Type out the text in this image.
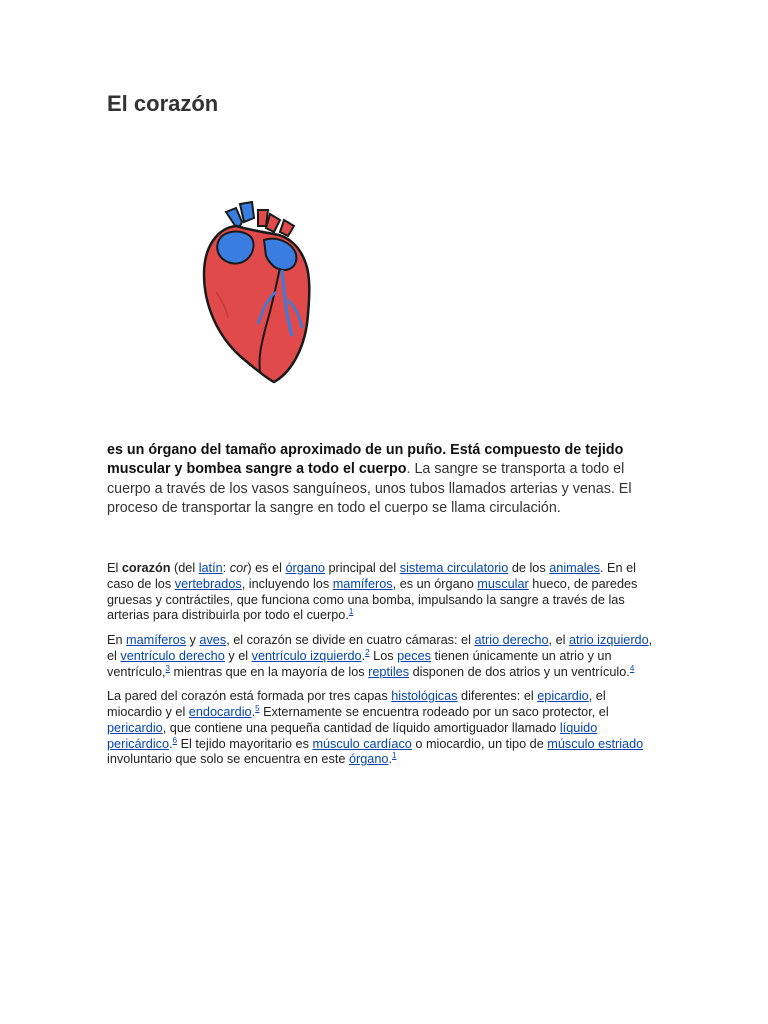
El corazón

es un órgano del tamaño aproximado de un puño. Está compuesto de tejido muscular y bombea sangre a todo el cuerpo. La sangre se transporta a todo el cuerpo a través de los vasos sanguíneos, unos tubos llamados arterias y venas. El proceso de transportar la sangre en todo el cuerpo se llama circulación.

El corazón (del latín: cor) es el órgano principal del sistema circulatorio de los animales. En el caso de los vertebrados, incluyendo los mamíferos, es un órgano muscular hueco, de paredes gruesas y contráctiles, que funciona como una bomba, impulsando la sangre a través de las arterias para distribuirla por todo el cuerpo.$^1$

En mamíferos y aves, el corazón se divide en cuatro cámaras: el atrio derecho, el atrio izquierdo, el ventrículo derecho y el ventrículo izquierdo.$^2$ Los peces tienen únicamente un atrio y un ventrículo,$^3$ mientras que en la mayoría de los reptiles disponen de dos atrios y un ventrículo.$^4$

La pared del corazón está formada por tres capas histológicas diferentes: el epicardio, el miocardio y el endocardio.$^5$ Externamente se encuentra rodeado por un saco protector, el pericardio, que contiene una pequeña cantidad de líquido amortiguador llamado líquido pericárdico.$^6$ El tejido mayoritario es músculo cardíaco o miocardio, un tipo de músculo estriado involuntario que solo se encuentra en este órgano.$^1$
